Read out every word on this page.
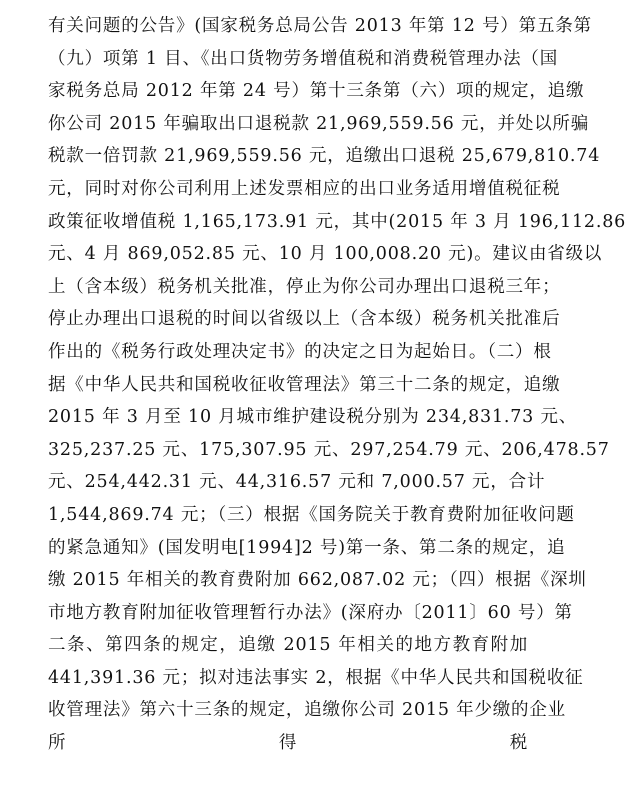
有关问题的公告》(国家税务总局公告 2013 年第 12 号）第五条第
（九）项第 1 目、《出口货物劳务增值税和消费税管理办法（国
家税务总局 2012 年第 24 号）第十三条第（六）项的规定，追缴
你公司 2015 年骗取出口退税款 21,969,559.56 元，并处以所骗
税款一倍罚款 21,969,559.56 元，追缴出口退税 25,679,810.74
元，同时对你公司利用上述发票相应的出口业务适用增值税征税
政策征收增值税 1,165,173.91 元，其中(2015 年 3 月 196,112.86
元、4 月 869,052.85 元、10 月 100,008.20 元)。建议由省级以
上（含本级）税务机关批准，停止为你公司办理出口退税三年；
停止办理出口退税的时间以省级以上（含本级）税务机关批准后
作出的《税务行政处理决定书》的决定之日为起始日。（二）根
据《中华人民共和国税收征收管理法》第三十二条的规定，追缴
2015 年 3 月至 10 月城市维护建设税分别为 234,831.73 元、
325,237.25 元、175,307.95 元、297,254.79 元、206,478.57
元、254,442.31 元、44,316.57 元和 7,000.57 元，合计
1,544,869.74 元；（三）根据《国务院关于教育费附加征收问题
的紧急通知》(国发明电[1994]2 号)第一条、第二条的规定，追
缴 2015 年相关的教育费附加 662,087.02 元；（四）根据《深圳
市地方教育附加征收管理暂行办法》(深府办〔2011〕60 号）第
二条、第四条的规定，追缴 2015 年相关的地方教育附加
441,391.36 元；拟对违法事实 2，根据《中华人民共和国税收征
收管理法》第六十三条的规定，追缴你公司 2015 年少缴的企业
所得税
